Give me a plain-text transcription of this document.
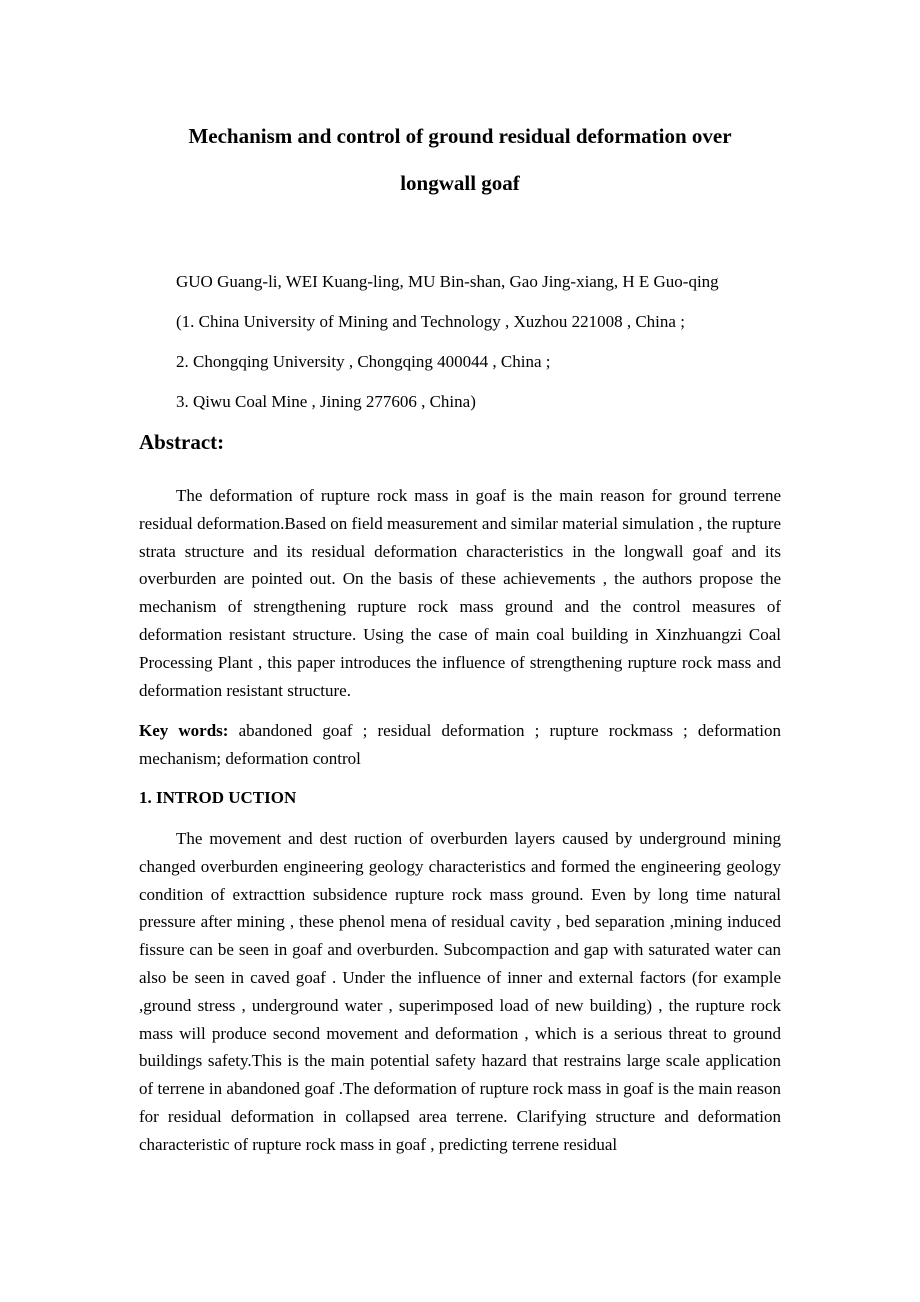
Mechanism and control of ground residual deformation over
longwall goaf
GUO Guang-li, WEI Kuang-ling, MU Bin-shan, Gao Jing-xiang, H E Guo-qing
(1. China University of Mining and Technology , Xuzhou 221008 , China ;
2. Chongqing University , Chongqing 400044 , China ;
3. Qiwu Coal Mine , Jining 277606 , China)
Abstract:

The deformation of rupture rock mass in goaf is the main reason for ground terrene residual deformation.Based on field measurement and similar material simulation , the rupture strata structure and its residual deformation characteristics in the longwall goaf and its overburden are pointed out. On the basis of these achievements , the authors propose the mechanism of strengthening rupture rock mass ground and the control measures of deformation resistant structure. Using the case of main coal building in Xinzhuangzi Coal Processing Plant , this paper introduces the influence of strengthening rupture rock mass and deformation resistant structure.

Key words: abandoned goaf ; residual deformation ; rupture rockmass ; deformation mechanism; deformation control

1. INTROD UCTION

The movement and dest ruction of overburden layers caused by underground mining changed overburden engineering geology characteristics and formed the engineering geology condition of extracttion subsidence rupture rock mass ground. Even by long time natural pressure after mining , these phenol mena of residual cavity , bed separation ,mining induced fissure can be seen in goaf and overburden. Subcompaction and gap with saturated water can also be seen in caved goaf . Under the influence of inner and external factors (for example ,ground stress , underground water , superimposed load of new building) , the rupture rock mass will produce second movement and deformation , which is a serious threat to ground buildings safety.This is the main potential safety hazard that restrains large scale application of terrene in abandoned goaf .The deformation of rupture rock mass in goaf is the main reason for residual deformation in collapsed area terrene. Clarifying structure and deformation characteristic of rupture rock mass in goaf , predicting terrene residual
